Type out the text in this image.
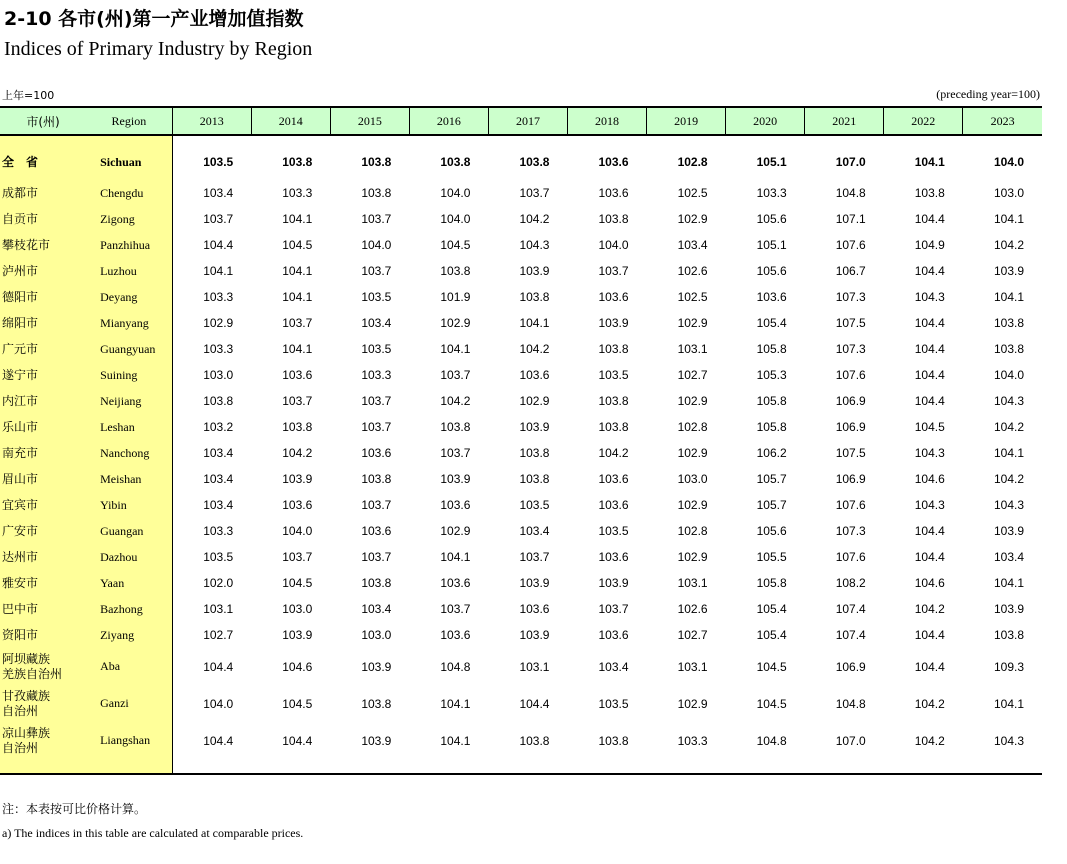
2-10 各市(州)第一产业增加值指数
Indices of Primary Industry by Region
上年=100	(preceding year=100)
市(州)	Region	2013	2014	2015	2016	2017	2018	2019	2020	2021	2022	2023
全　省	Sichuan	103.5	103.8	103.8	103.8	103.8	103.6	102.8	105.1	107.0	104.1	104.0
成都市	Chengdu	103.4	103.3	103.8	104.0	103.7	103.6	102.5	103.3	104.8	103.8	103.0
自贡市	Zigong	103.7	104.1	103.7	104.0	104.2	103.8	102.9	105.6	107.1	104.4	104.1
攀枝花市	Panzhihua	104.4	104.5	104.0	104.5	104.3	104.0	103.4	105.1	107.6	104.9	104.2
泸州市	Luzhou	104.1	104.1	103.7	103.8	103.9	103.7	102.6	105.6	106.7	104.4	103.9
德阳市	Deyang	103.3	104.1	103.5	101.9	103.8	103.6	102.5	103.6	107.3	104.3	104.1
绵阳市	Mianyang	102.9	103.7	103.4	102.9	104.1	103.9	102.9	105.4	107.5	104.4	103.8
广元市	Guangyuan	103.3	104.1	103.5	104.1	104.2	103.8	103.1	105.8	107.3	104.4	103.8
遂宁市	Suining	103.0	103.6	103.3	103.7	103.6	103.5	102.7	105.3	107.6	104.4	104.0
内江市	Neijiang	103.8	103.7	103.7	104.2	102.9	103.8	102.9	105.8	106.9	104.4	104.3
乐山市	Leshan	103.2	103.8	103.7	103.8	103.9	103.8	102.8	105.8	106.9	104.5	104.2
南充市	Nanchong	103.4	104.2	103.6	103.7	103.8	104.2	102.9	106.2	107.5	104.3	104.1
眉山市	Meishan	103.4	103.9	103.8	103.9	103.8	103.6	103.0	105.7	106.9	104.6	104.2
宜宾市	Yibin	103.4	103.6	103.7	103.6	103.5	103.6	102.9	105.7	107.6	104.3	104.3
广安市	Guangan	103.3	104.0	103.6	102.9	103.4	103.5	102.8	105.6	107.3	104.4	103.9
达州市	Dazhou	103.5	103.7	103.7	104.1	103.7	103.6	102.9	105.5	107.6	104.4	103.4
雅安市	Yaan	102.0	104.5	103.8	103.6	103.9	103.9	103.1	105.8	108.2	104.6	104.1
巴中市	Bazhong	103.1	103.0	103.4	103.7	103.6	103.7	102.6	105.4	107.4	104.2	103.9
资阳市	Ziyang	102.7	103.9	103.0	103.6	103.9	103.6	102.7	105.4	107.4	104.4	103.8
阿坝藏族
羌族自治州	Aba	104.4	104.6	103.9	104.8	103.1	103.4	103.1	104.5	106.9	104.4	109.3
甘孜藏族
自治州	Ganzi	104.0	104.5	103.8	104.1	104.4	103.5	102.9	104.5	104.8	104.2	104.1
凉山彝族
自治州	Liangshan	104.4	104.4	103.9	104.1	103.8	103.8	103.3	104.8	107.0	104.2	104.3

注：本表按可比价格计算。
a) The indices in this table are calculated at comparable prices.
